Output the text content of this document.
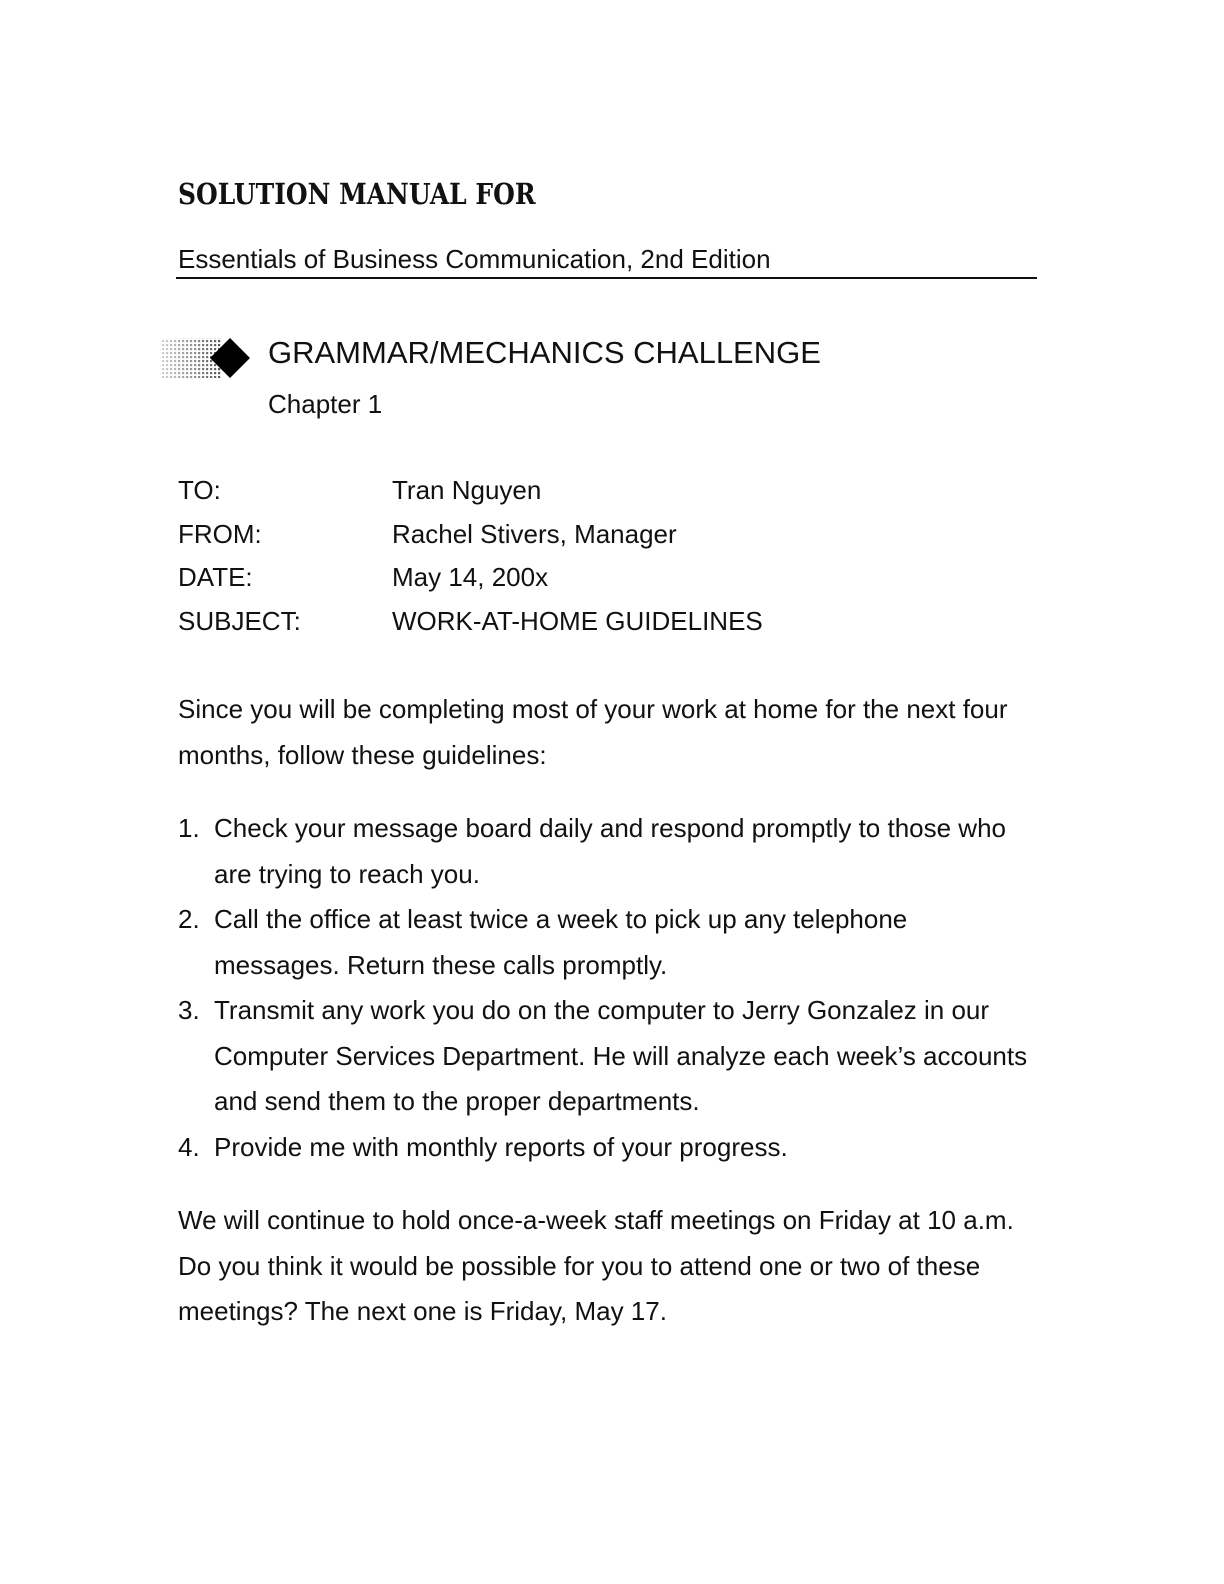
SOLUTION MANUAL FOR
Essentials of Business Communication, 2nd Edition
GRAMMAR/MECHANICS CHALLENGE
Chapter 1
TO:	Tran Nguyen
FROM:	Rachel Stivers, Manager
DATE:	May 14, 200x
SUBJECT:	WORK-AT-HOME GUIDELINES

Since you will be completing most of your work at home for the next four months, follow these guidelines:

1. Check your message board daily and respond promptly to those who are trying to reach you.
2. Call the office at least twice a week to pick up any telephone messages. Return these calls promptly.
3. Transmit any work you do on the computer to Jerry Gonzalez in our Computer Services Department. He will analyze each week’s accounts and send them to the proper departments.
4. Provide me with monthly reports of your progress.

We will continue to hold once-a-week staff meetings on Friday at 10 a.m. Do you think it would be possible for you to attend one or two of these meetings? The next one is Friday, May 17.
